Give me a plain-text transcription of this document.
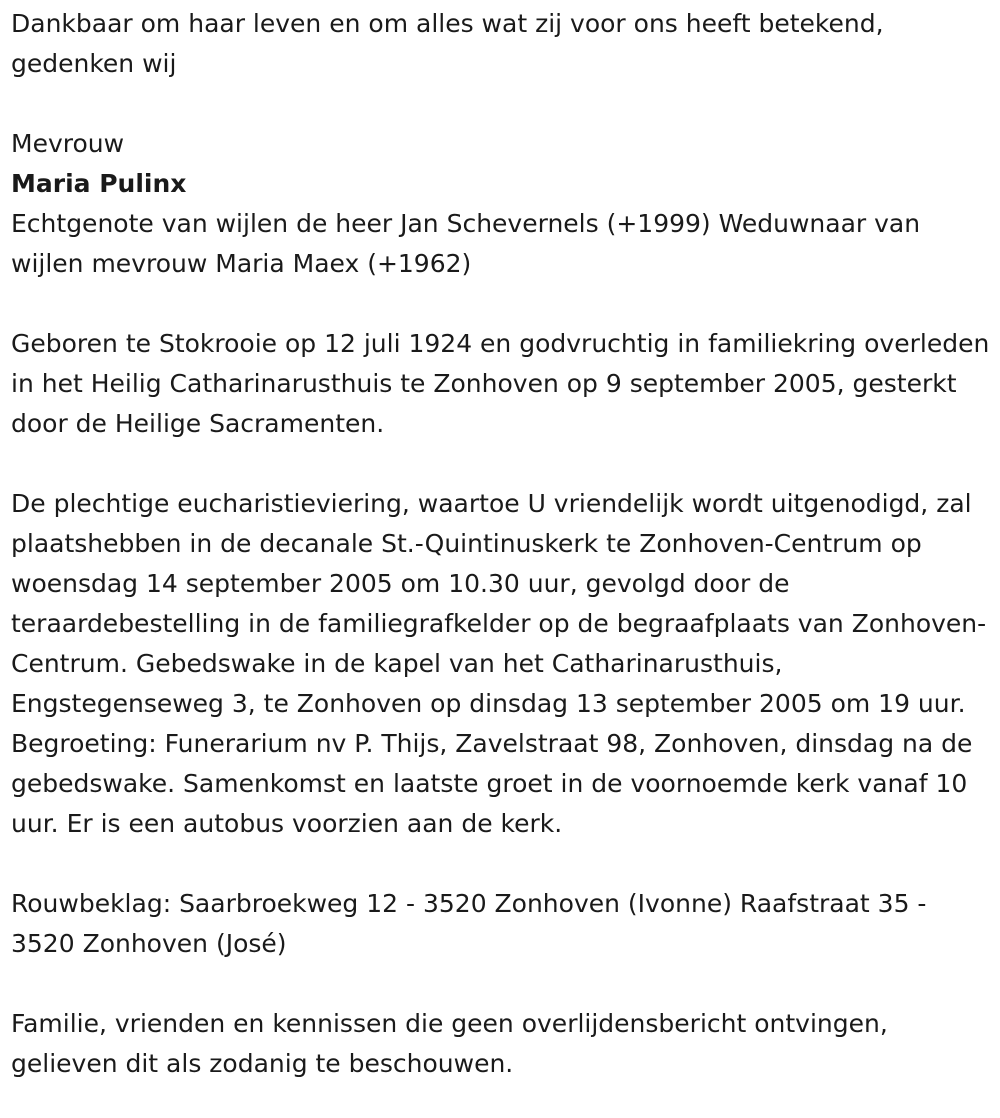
Dankbaar om haar leven en om alles wat zij voor ons heeft betekend, gedenken wij

Mevrouw

Maria Pulinx

Echtgenote van wijlen de heer Jan Schevernels (+1999) Weduwnaar van wijlen mevrouw Maria Maex (+1962)

Geboren te Stokrooie op 12 juli 1924 en godvruchtig in familiekring overleden in het Heilig Catharinarusthuis te Zonhoven op 9 september 2005, gesterkt door de Heilige Sacramenten.

De plechtige eucharistieviering, waartoe U vriendelijk wordt uitgenodigd, zal plaatshebben in de decanale St.-Quintinuskerk te Zonhoven-Centrum op woensdag 14 september 2005 om 10.30 uur, gevolgd door de teraardebestelling in de familiegrafkelder op de begraafplaats van Zonhoven-Centrum. Gebedswake in de kapel van het Catharinarusthuis, Engstegenseweg 3, te Zonhoven op dinsdag 13 september 2005 om 19 uur. Begroeting: Funerarium nv P. Thijs, Zavelstraat 98, Zonhoven, dinsdag na de gebedswake. Samenkomst en laatste groet in de voornoemde kerk vanaf 10 uur. Er is een autobus voorzien aan de kerk.

Rouwbeklag: Saarbroekweg 12 - 3520 Zonhoven (Ivonne) Raafstraat 35 - 3520 Zonhoven (José)

Familie, vrienden en kennissen die geen overlijdensbericht ontvingen, gelieven dit als zodanig te beschouwen.
